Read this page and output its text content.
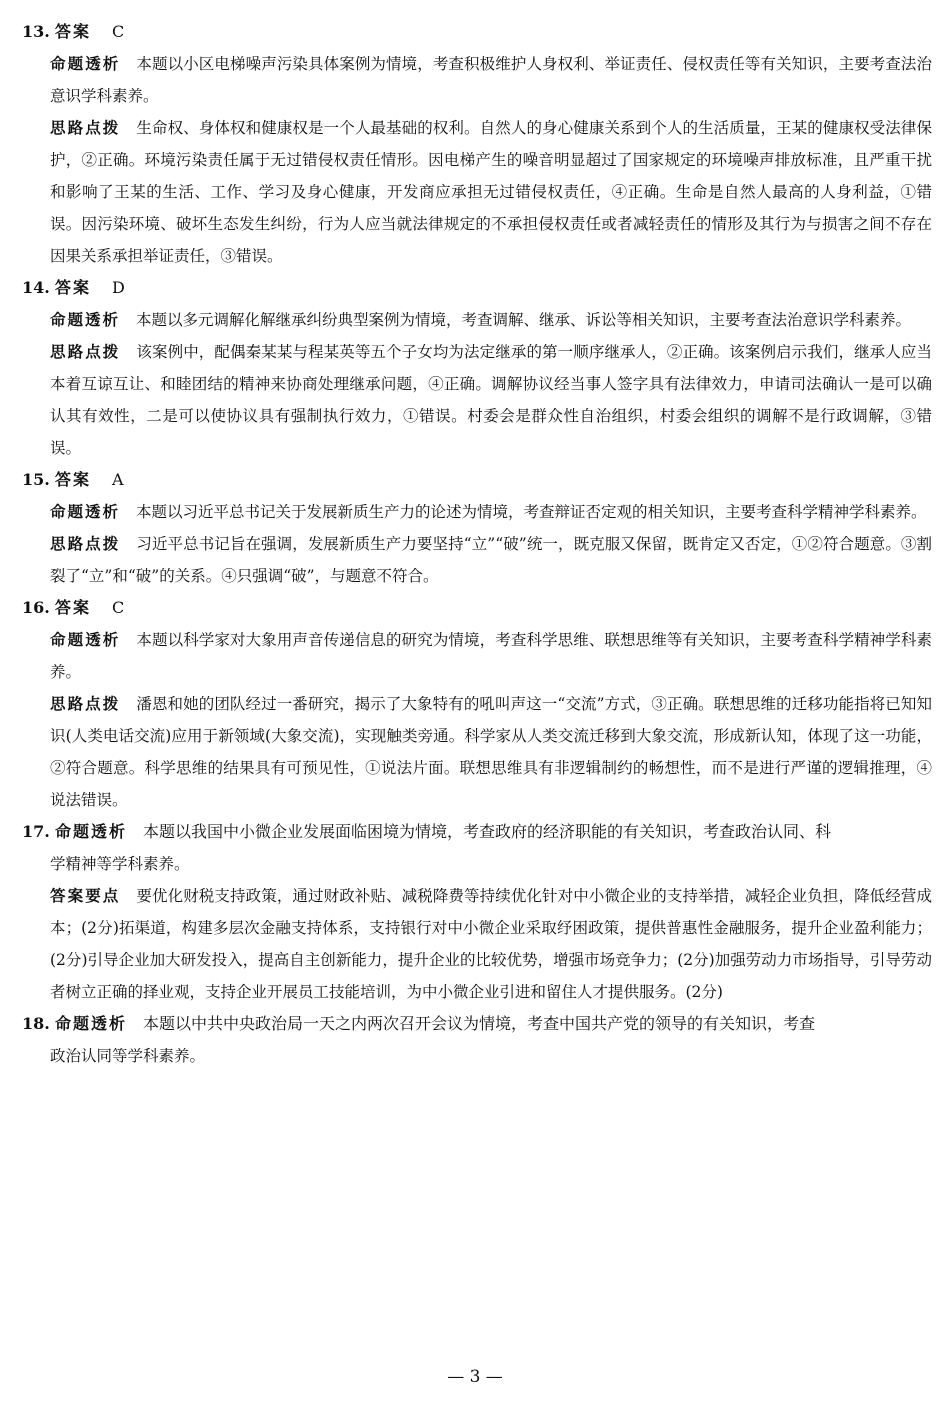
13. 答案 C
命题透析 本题以小区电梯噪声污染具体案例为情境，考查积极维护人身权利、举证责任、侵权责任等有关知识，主要考查法治意识学科素养。
思路点拨 生命权、身体权和健康权是一个人最基础的权利。自然人的身心健康关系到个人的生活质量，王某的健康权受法律保护，②正确。环境污染责任属于无过错侵权责任情形。因电梯产生的噪音明显超过了国家规定的环境噪声排放标准，且严重干扰和影响了王某的生活、工作、学习及身心健康，开发商应承担无过错侵权责任，④正确。生命是自然人最高的人身利益，①错误。因污染环境、破坏生态发生纠纷，行为人应当就法律规定的不承担侵权责任或者减轻责任的情形及其行为与损害之间不存在因果关系承担举证责任，③错误。
14. 答案 D
命题透析 本题以多元调解化解继承纠纷典型案例为情境，考查调解、继承、诉讼等相关知识，主要考查法治意识学科素养。
思路点拨 该案例中，配偶秦某某与程某英等五个子女均为法定继承的第一顺序继承人，②正确。该案例启示我们，继承人应当本着互谅互让、和睦团结的精神来协商处理继承问题，④正确。调解协议经当事人签字具有法律效力，申请司法确认一是可以确认其有效性，二是可以使协议具有强制执行效力，①错误。村委会是群众性自治组织，村委会组织的调解不是行政调解，③错误。
15. 答案 A
命题透析 本题以习近平总书记关于发展新质生产力的论述为情境，考查辩证否定观的相关知识，主要考查科学精神学科素养。
思路点拨 习近平总书记旨在强调，发展新质生产力要坚持“立”“破”统一，既克服又保留，既肯定又否定，①②符合题意。③割裂了“立”和“破”的关系。④只强调“破”，与题意不符合。
16. 答案 C
命题透析 本题以科学家对大象用声音传递信息的研究为情境，考查科学思维、联想思维等有关知识，主要考查科学精神学科素养。
思路点拨 潘恩和她的团队经过一番研究，揭示了大象特有的吼叫声这一“交流”方式，③正确。联想思维的迁移功能指将已知知识(人类电话交流)应用于新领域(大象交流)，实现触类旁通。科学家从人类交流迁移到大象交流，形成新认知，体现了这一功能，②符合题意。科学思维的结果具有可预见性，①说法片面。联想思维具有非逻辑制约的畅想性，而不是进行严谨的逻辑推理，④说法错误。
17. 命题透析 本题以我国中小微企业发展面临困境为情境，考查政府的经济职能的有关知识，考查政治认同、科
学精神等学科素养。
答案要点 要优化财税支持政策，通过财政补贴、减税降费等持续优化针对中小微企业的支持举措，减轻企业负担，降低经营成本；(2分)拓渠道，构建多层次金融支持体系，支持银行对中小微企业采取纾困政策，提供普惠性金融服务，提升企业盈利能力；(2分)引导企业加大研发投入，提高自主创新能力，提升企业的比较优势，增强市场竞争力；(2分)加强劳动力市场指导，引导劳动者树立正确的择业观，支持企业开展员工技能培训，为中小微企业引进和留住人才提供服务。(2分)
18. 命题透析 本题以中共中央政治局一天之内两次召开会议为情境，考查中国共产党的领导的有关知识，考查
政治认同等学科素养。
— 3 —
